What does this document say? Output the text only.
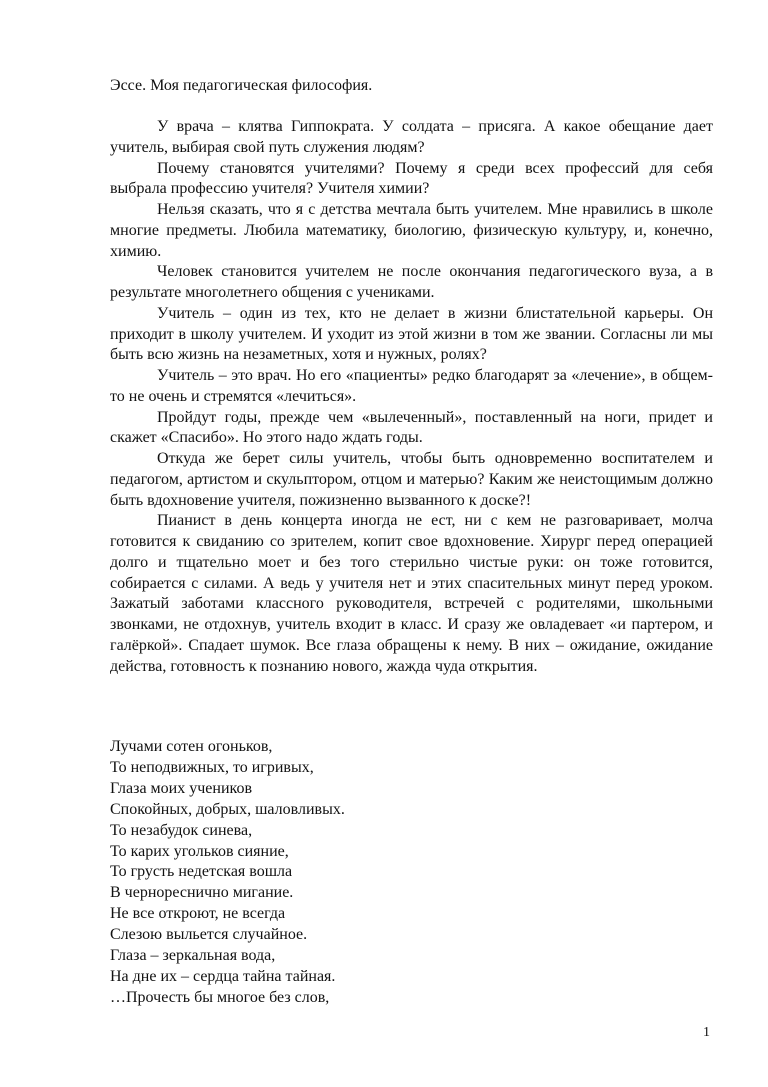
Эссе. Моя педагогическая философия.

У врача – клятва Гиппократа. У солдата – присяга. А какое обещание дает учитель, выбирая свой путь служения людям?

Почему становятся учителями? Почему я среди всех профессий для себя выбрала профессию учителя? Учителя химии?

Нельзя сказать, что я с детства мечтала быть учителем. Мне нравились в школе многие предметы. Любила математику, биологию, физическую культуру, и, конечно, химию.

Человек становится учителем не после окончания педагогического вуза, а в результате многолетнего общения с учениками.

Учитель – один из тех, кто не делает в жизни блистательной карьеры. Он приходит в школу учителем. И уходит из этой жизни в том же звании. Согласны ли мы быть всю жизнь на незаметных, хотя и нужных, ролях?

Учитель – это врач. Но его «пациенты» редко благодарят за «лечение», в общем-то не очень и стремятся «лечиться».

Пройдут годы, прежде чем «вылеченный», поставленный на ноги, придет и скажет «Спасибо». Но этого надо ждать годы.

Откуда же берет силы учитель, чтобы быть одновременно воспитателем и педагогом, артистом и скульптором, отцом и матерью? Каким же неистощимым должно быть вдохновение учителя, пожизненно вызванного к доске?!

Пианист в день концерта иногда не ест, ни с кем не разговаривает, молча готовится к свиданию со зрителем, копит свое вдохновение. Хирург перед операцией долго и тщательно моет и без того стерильно чистые руки: он тоже готовится, собирается с силами. А ведь у учителя нет и этих спасительных минут перед уроком. Зажатый заботами классного руководителя, встречей с родителями, школьными звонками, не отдохнув, учитель входит в класс. И сразу же овладевает «и партером, и галёркой». Спадает шумок. Все глаза обращены к нему. В них – ожидание, ожидание действа, готовность к познанию нового, жажда чуда открытия.

Лучами сотен огоньков,
То неподвижных, то игривых,
Глаза моих учеников
Спокойных, добрых, шаловливых.
То незабудок синева,
То карих угольков сияние,
То грусть недетская вошла
В чернореснично мигание.
Не все откроют, не всегда
Слезою выльется случайное.
Глаза – зеркальная вода,
На дне их – сердца тайна тайная.
…Прочесть бы многое без слов,
1
